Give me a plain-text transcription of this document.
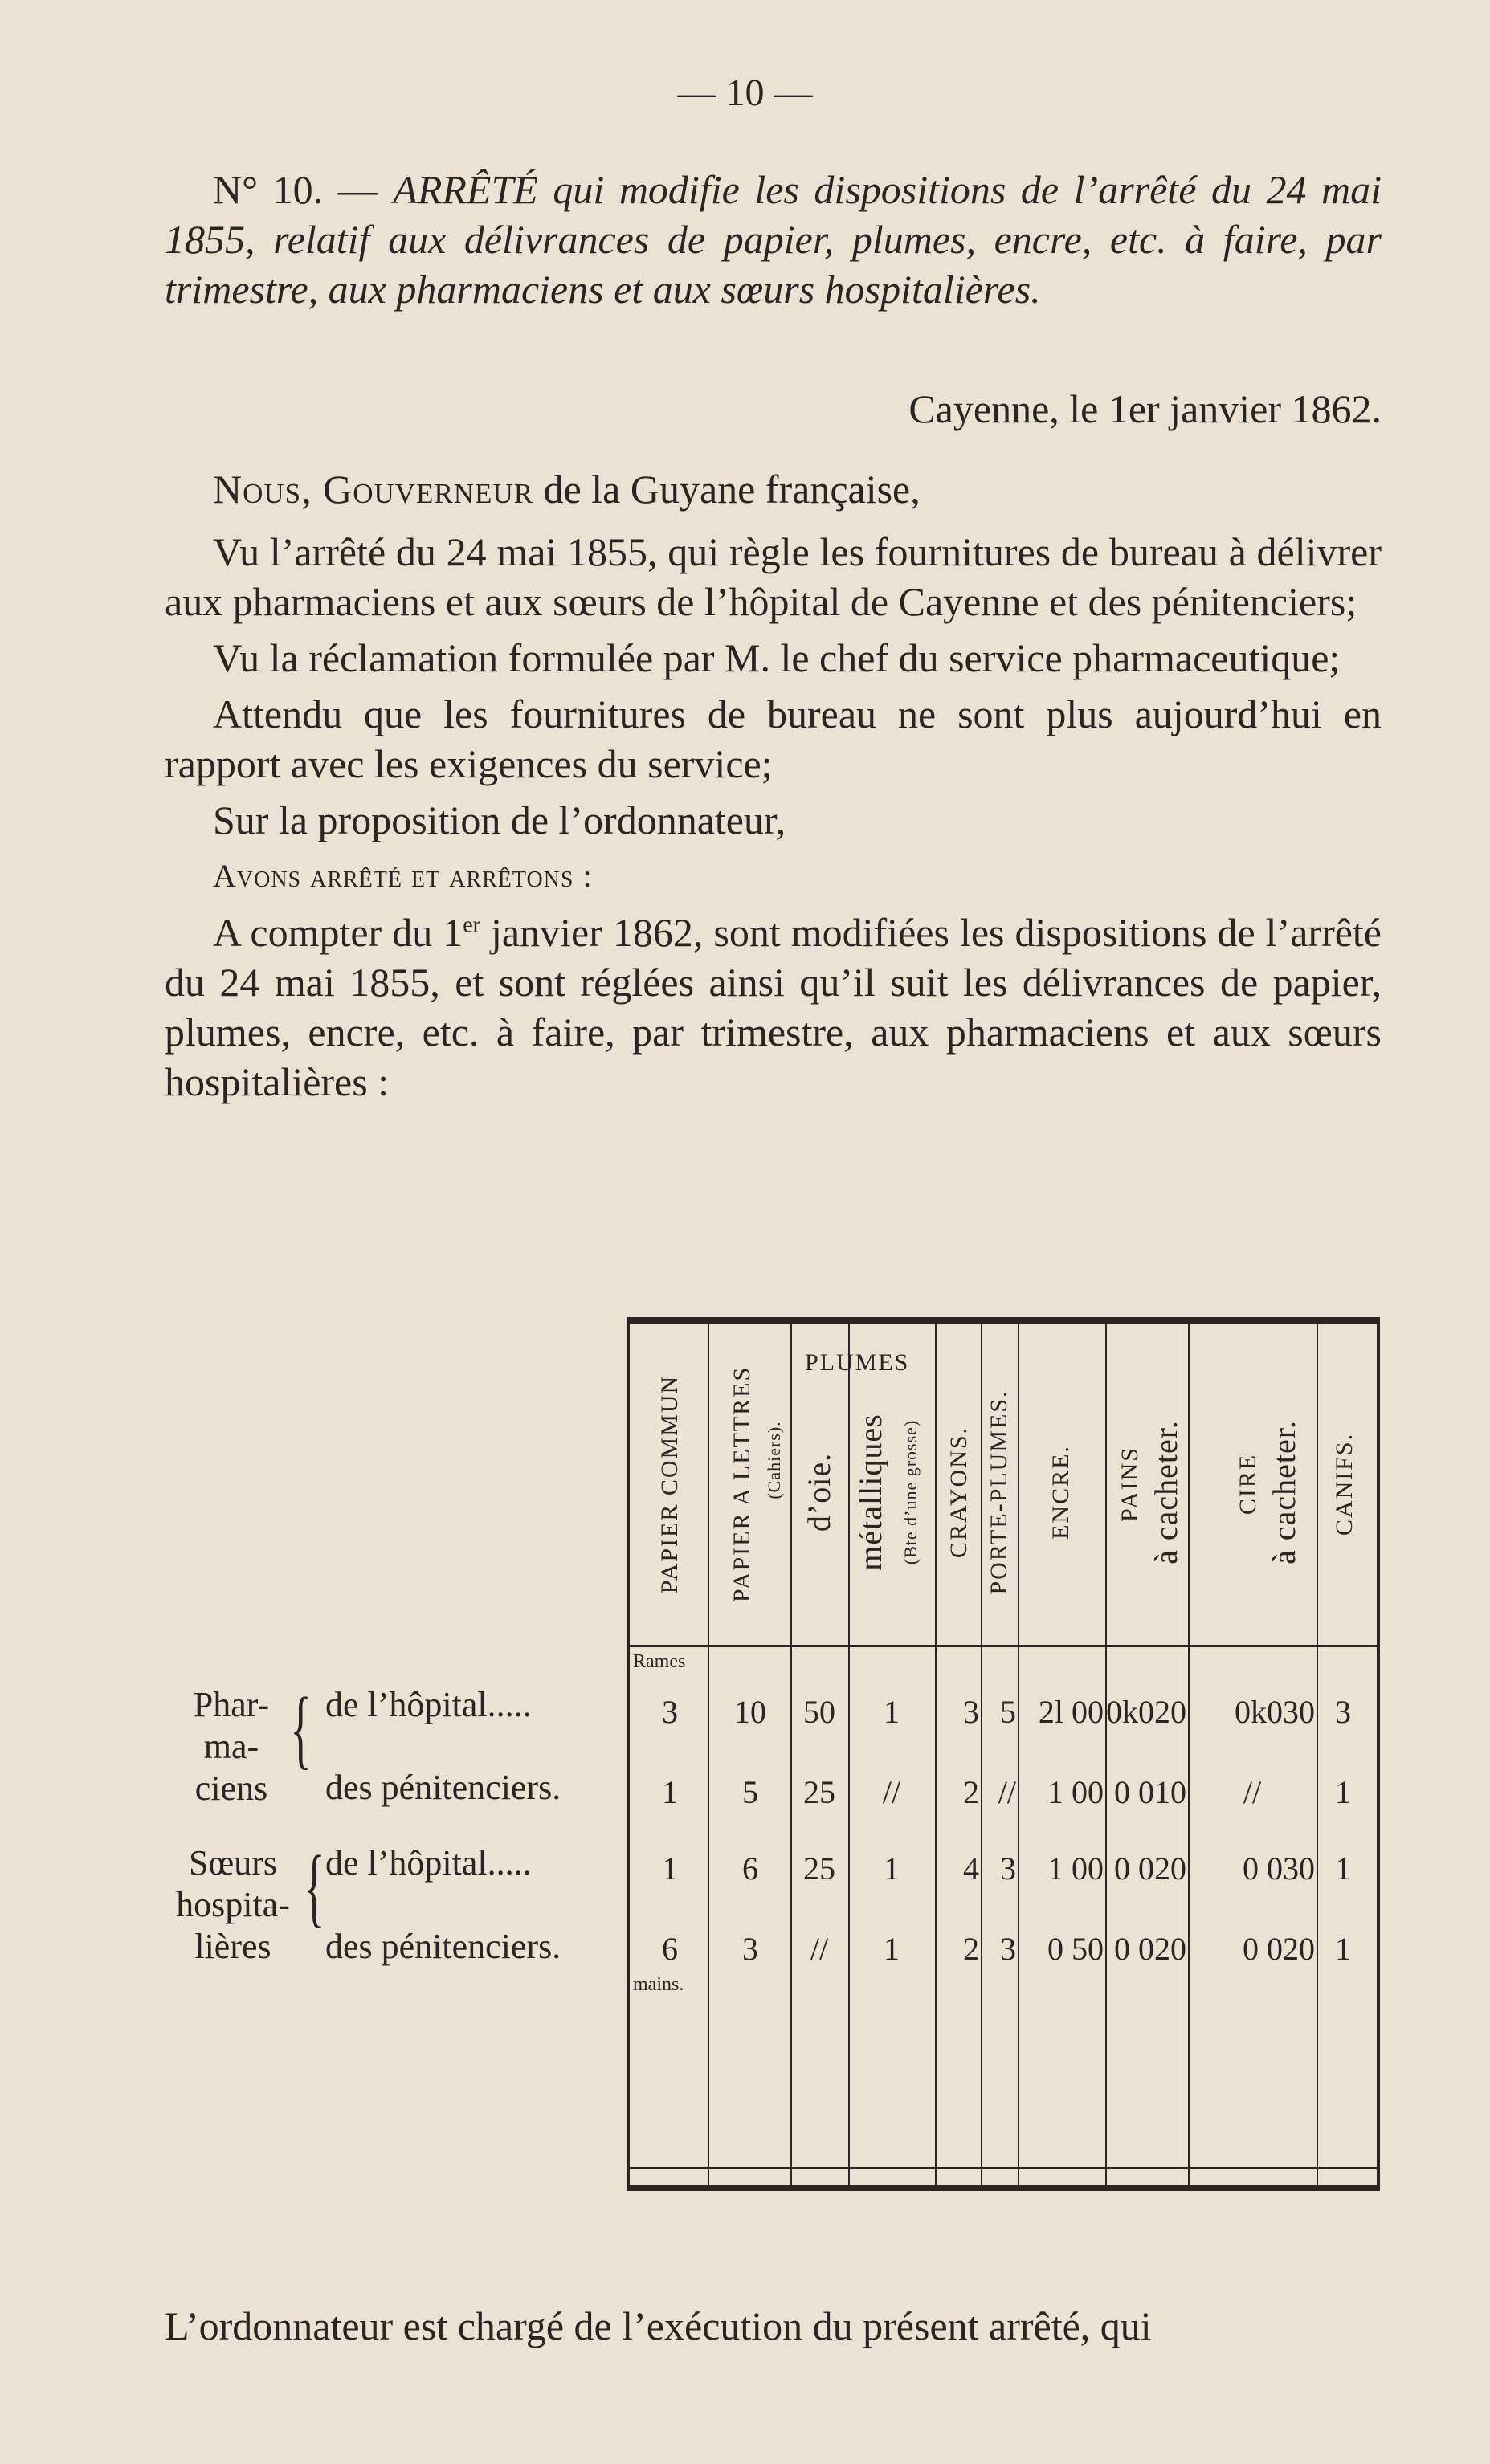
— 10 —

N° 10. — ARRÊTÉ qui modifie les dispositions de l’arrêté du 24 mai 1855, relatif aux délivrances de papier, plumes, encre, etc. à faire, par trimestre, aux pharmaciens et aux sœurs hospitalières.

Cayenne, le 1er janvier 1862.

Nous, Gouverneur de la Guyane française,

Vu l’arrêté du 24 mai 1855, qui règle les fournitures de bureau à délivrer aux pharmaciens et aux sœurs de l’hôpital de Cayenne et des pénitenciers;

Vu la réclamation formulée par M. le chef du service pharmaceutique;

Attendu que les fournitures de bureau ne sont plus aujourd’hui en rapport avec les exigences du service;

Sur la proposition de l’ordonnateur,

Avons arrêté et arrêtons :

A compter du 1er janvier 1862, sont modifiées les dispositions de l’arrêté du 24 mai 1855, et sont réglées ainsi qu’il suit les délivrances de papier, plumes, encre, etc. à faire, par trimestre, aux pharmaciens et aux sœurs hospitalières :

Phar-
ma-
ciens
{ de l’hôpital.....
des pénitenciers.
Sœurs
hospita-
lières
{ de l’hôpital.....
des pénitenciers.
PAPIER COMMUN PAPIER A LETTRES (Cahiers).
PLUMES
d’oie. métalliques (Bte d’une grosse) CRAYONS. PORTE-PLUMES. ENCRE. PAINS à cacheter. CIRE à cacheter. CANIFS.
Rames
mains.
3 10 50 1 3 5 2l 00 0k020 0k030 3
1 5 25 // 2 // 1 00 0 010 // 1
1 6 25 1 4 3 1 00 0 020 0 030 1
6 3 // 1 2 3 0 50 0 020 0 020 1
L’ordonnateur est chargé de l’exécution du présent arrêté, qui
